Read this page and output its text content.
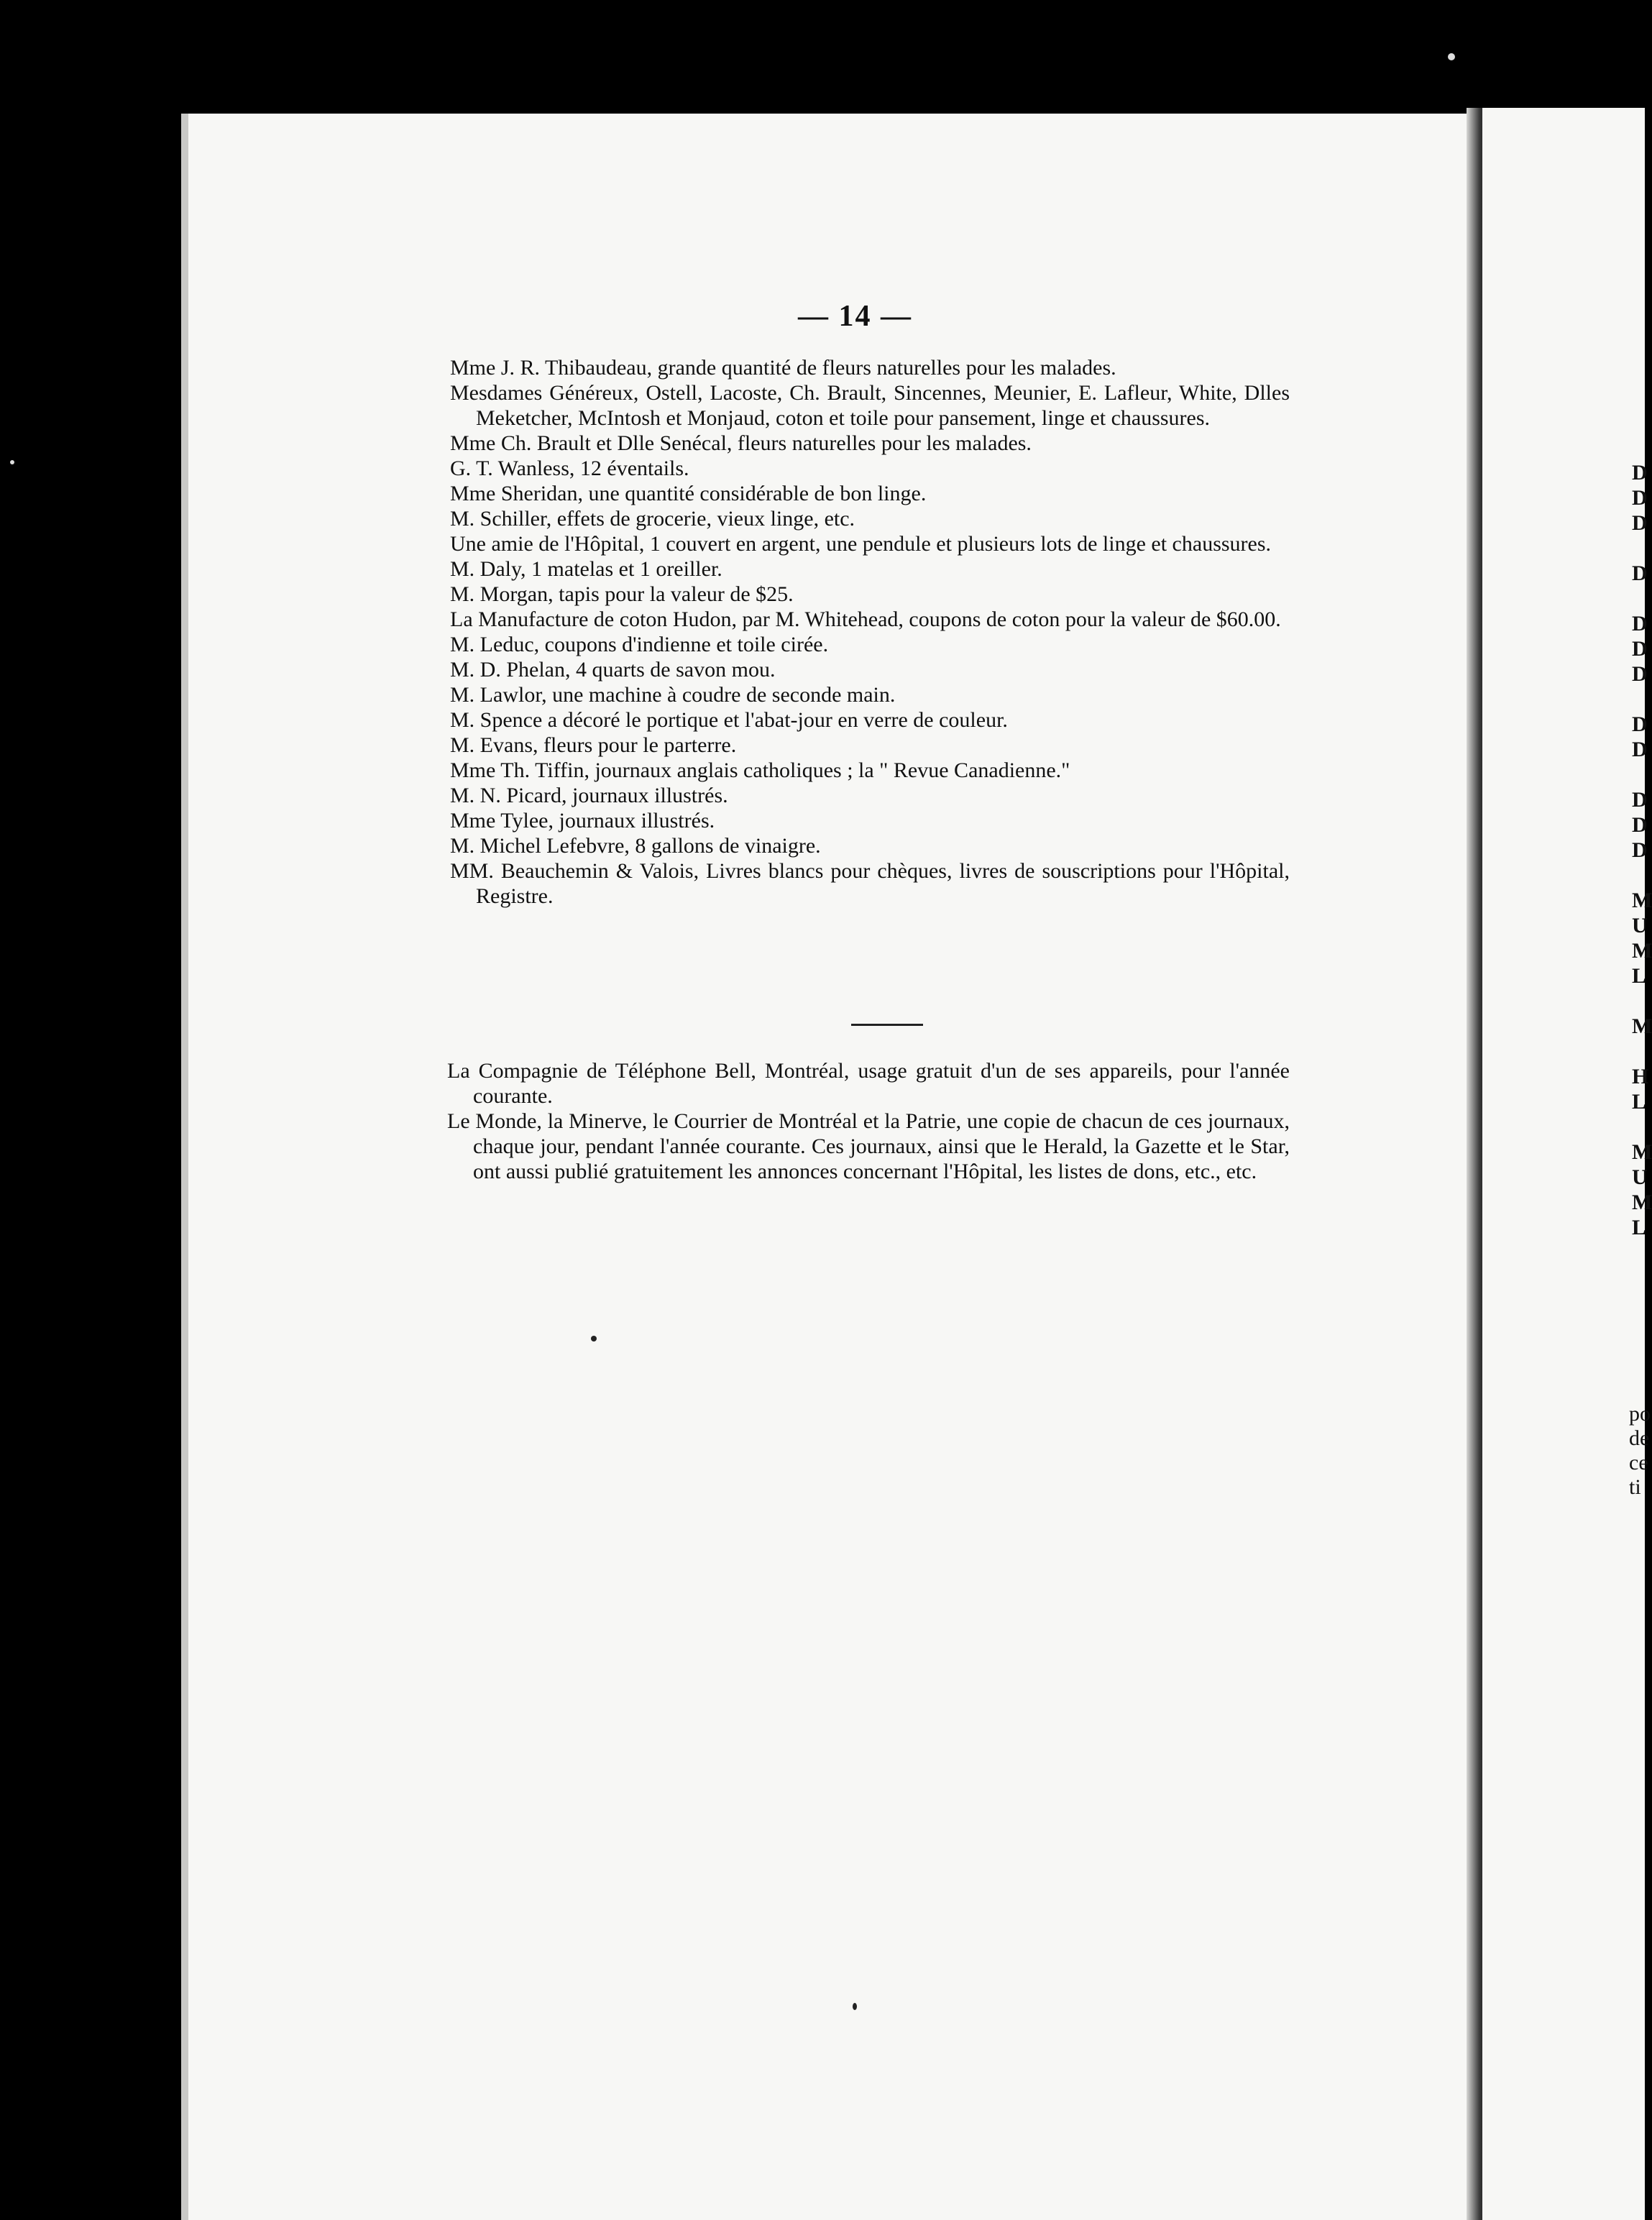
— 14 —

Mme J. R. Thibaudeau, grande quantité de fleurs naturelles pour les malades.

Mesdames Généreux, Ostell, Lacoste, Ch. Brault, Sincennes, Meunier, E. Lafleur, White, Dlles Meketcher, McIntosh et Monjaud, coton et toile pour pansement, linge et chaussures.

Mme Ch. Brault et Dlle Senécal, fleurs naturelles pour les malades.

G. T. Wanless, 12 éventails.

Mme Sheridan, une quantité considérable de bon linge.

M. Schiller, effets de grocerie, vieux linge, etc.

Une amie de l'Hôpital, 1 couvert en argent, une pendule et plusieurs lots de linge et chaussures.

M. Daly, 1 matelas et 1 oreiller.

M. Morgan, tapis pour la valeur de $25.

La Manufacture de coton Hudon, par M. Whitehead, coupons de coton pour la valeur de $60.00.

M. Leduc, coupons d'indienne et toile cirée.

M. D. Phelan, 4 quarts de savon mou.

M. Lawlor, une machine à coudre de seconde main.

M. Spence a décoré le portique et l'abat-jour en verre de couleur.

M. Evans, fleurs pour le parterre.

Mme Th. Tiffin, journaux anglais catholiques ; la " Revue Canadienne."

M. N. Picard, journaux illustrés.

Mme Tylee, journaux illustrés.

M. Michel Lefebvre, 8 gallons de vinaigre.

MM. Beauchemin & Valois, Livres blancs pour chèques, livres de souscriptions pour l'Hôpital, Registre.

La Compagnie de Téléphone Bell, Montréal, usage gratuit d'un de ses appareils, pour l'année courante.

Le Monde, la Minerve, le Courrier de Montréal et la Patrie, une copie de chacun de ces journaux, chaque jour, pendant l'année courante. Ces journaux, ainsi que le Herald, la Gazette et le Star, ont aussi publié gratuitement les annonces concernant l'Hôpital, les listes de dons, etc., etc.

D
D
D
D
D
D
D
D
D
D
D
D
M
U
M
L
M
H
L
M
U
M
L
po
de
ce
ti
